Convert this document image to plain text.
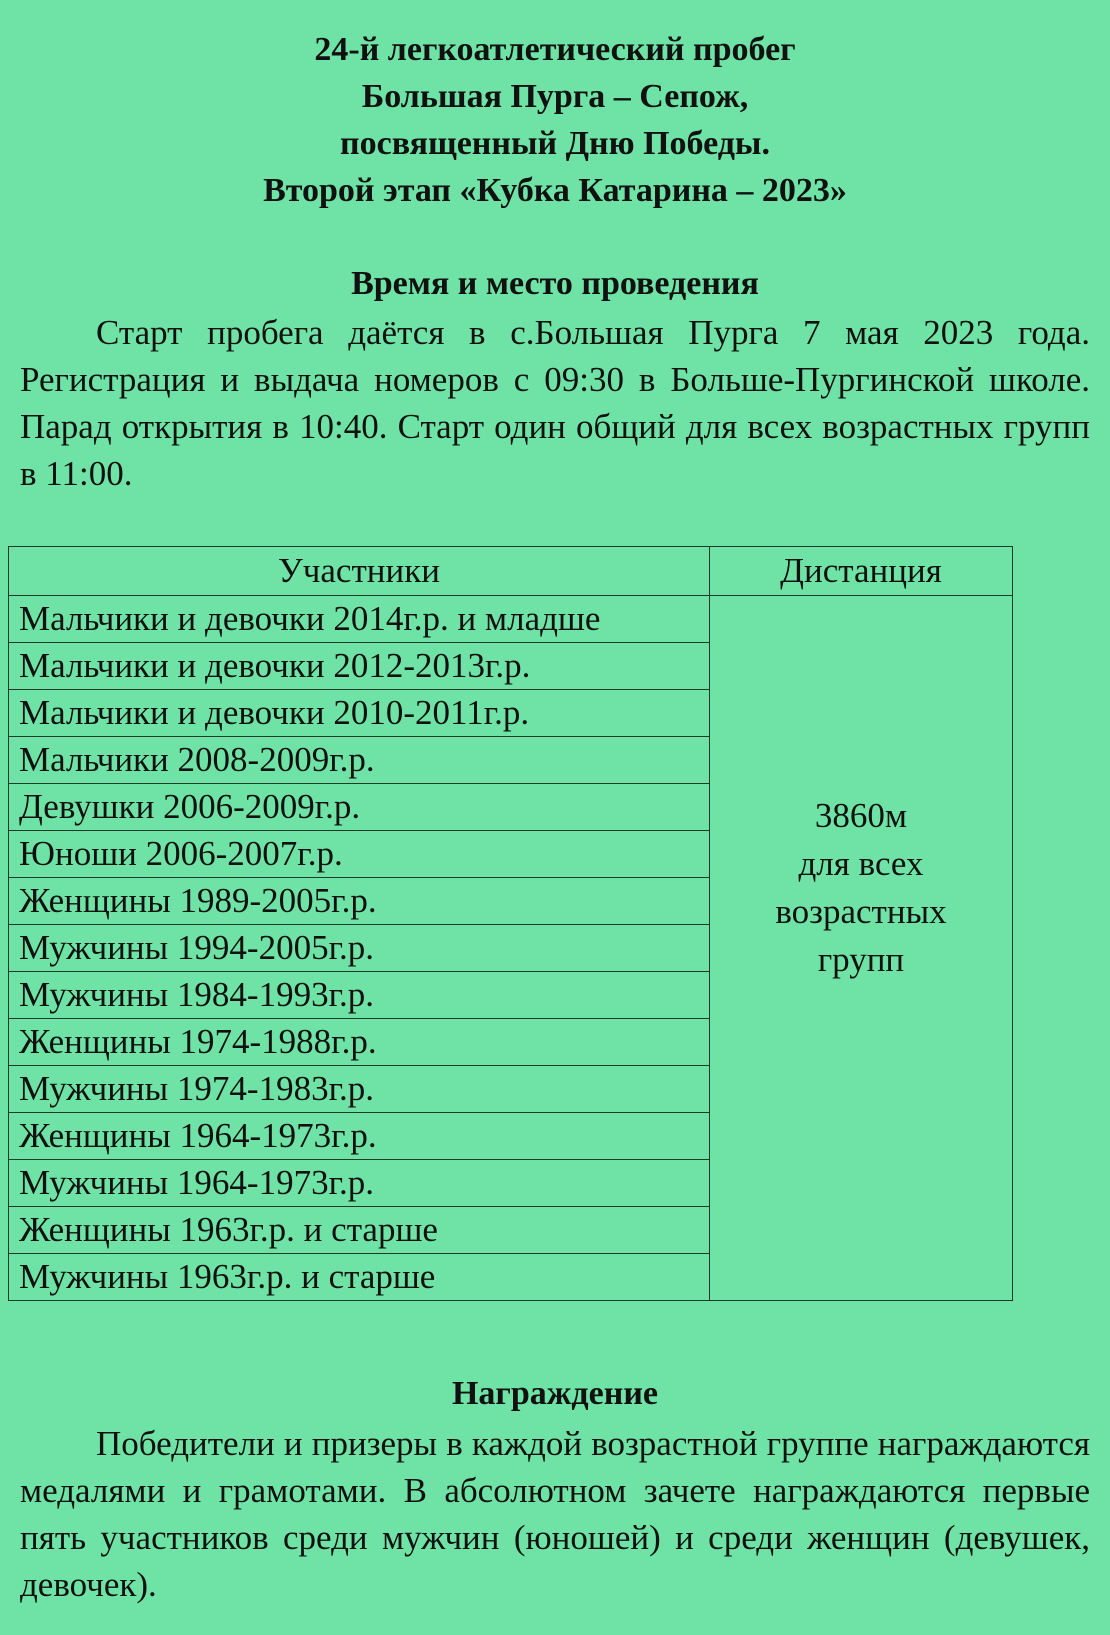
24-й легкоатлетический пробег
Большая Пурга – Сепож,
посвященный Дню Победы.
Второй этап «Кубка Катарина – 2023»
Время и место проведения
Старт пробега даётся в с.Большая Пурга 7 мая 2023 года. Регистрация и выдача номеров с 09:30 в Больше-Пургинской школе. Парад открытия в 10:40. Старт один общий для всех возрастных групп в 11:00.
Участники	Дистанция
Мальчики и девочки 2014г.р. и младше	3860м
для всех
возрастных
групп

Мальчики и девочки 2012-2013г.р.	
Мальчики и девочки 2010-2011г.р.	
Мальчики 2008-2009г.р.	
Девушки 2006-2009г.р.	
Юноши 2006-2007г.р.	
Женщины 1989-2005г.р.	
Мужчины 1994-2005г.р.	
Мужчины 1984-1993г.р.	
Женщины 1974-1988г.р.	
Мужчины 1974-1983г.р.	
Женщины 1964-1973г.р.	
Мужчины 1964-1973г.р.	
Женщины 1963г.р. и старше	
Мужчины 1963г.р. и старше	
Награждение
Победители и призеры в каждой возрастной группе награждаются медалями и грамотами. В абсолютном зачете награждаются первые пять участников среди мужчин (юношей) и среди женщин (девушек, девочек).
